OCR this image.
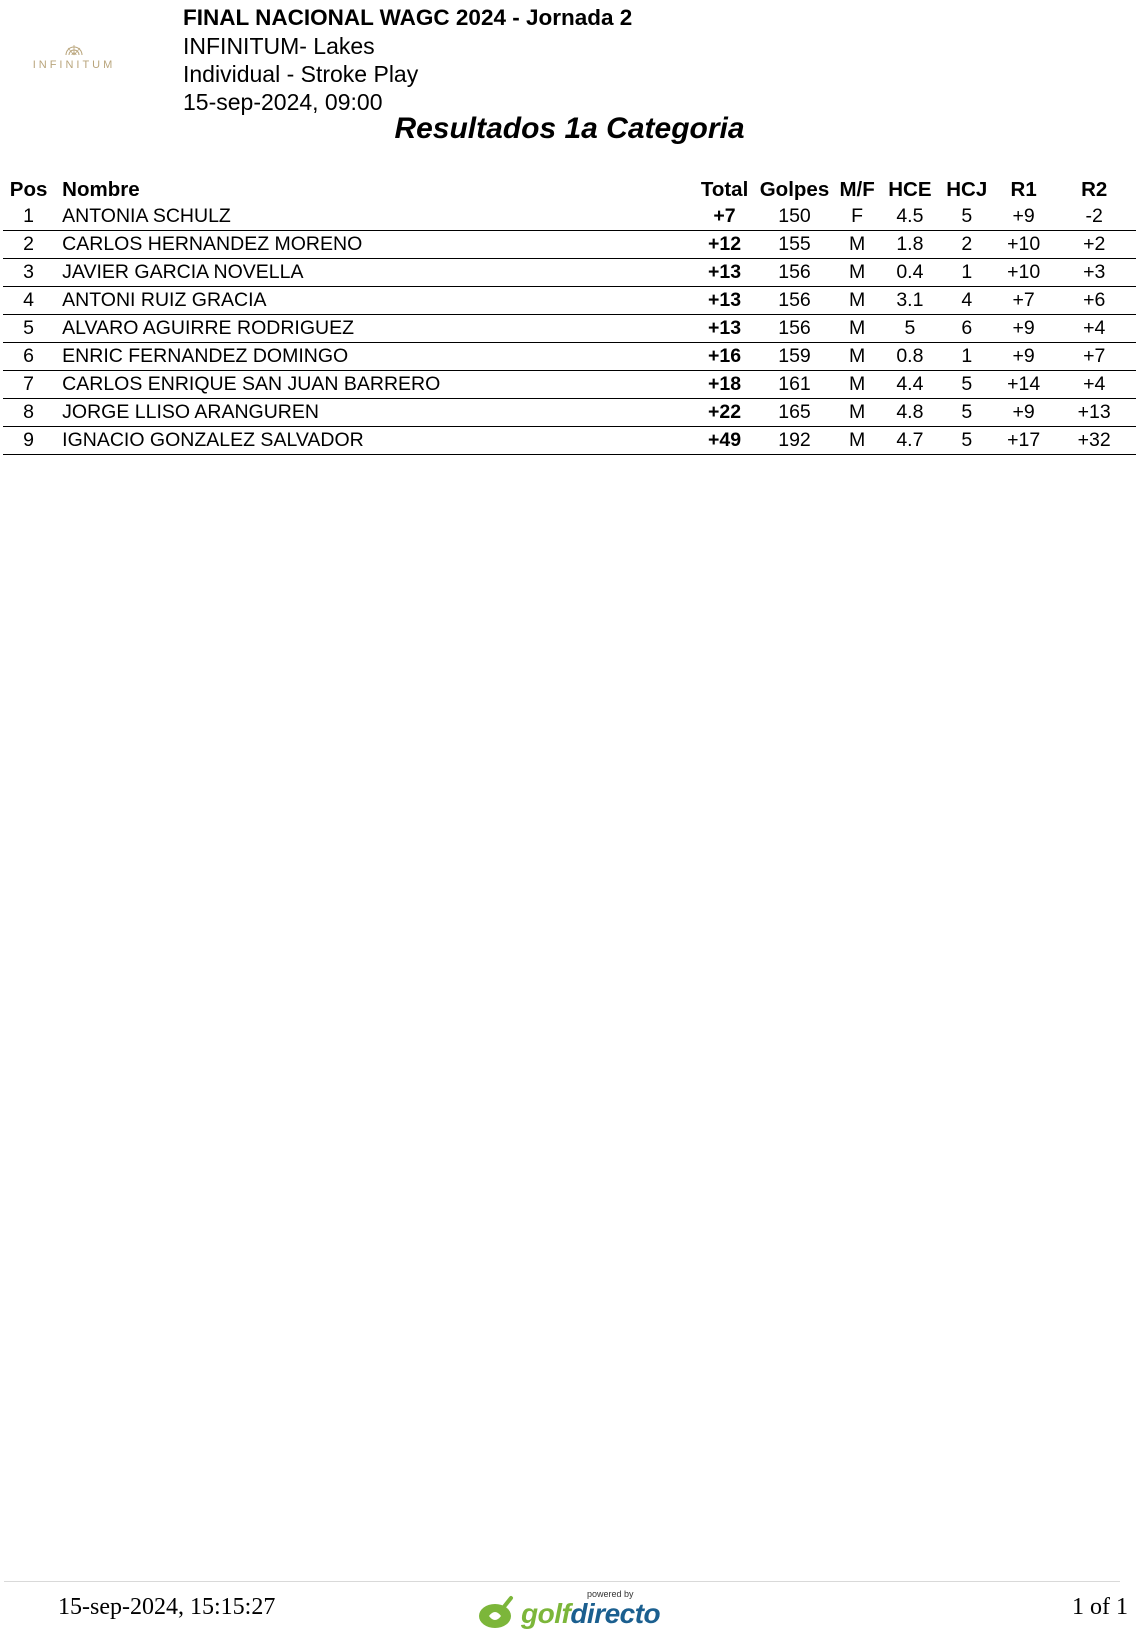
INFINITUM
FINAL NACIONAL WAGC 2024 - Jornada 2
INFINITUM- Lakes
Individual - Stroke Play
15-sep-2024, 09:00
Resultados 1a Categoria
Pos	Nombre	Total	Golpes	M/F	HCE	HCJ	R1	R2
1	ANTONIA SCHULZ	+7	150	F	4.5	5	+9	-2
2	CARLOS HERNANDEZ MORENO	+12	155	M	1.8	2	+10	+2
3	JAVIER GARCIA NOVELLA	+13	156	M	0.4	1	+10	+3
4	ANTONI RUIZ GRACIA	+13	156	M	3.1	4	+7	+6
5	ALVARO AGUIRRE RODRIGUEZ	+13	156	M	5	6	+9	+4
6	ENRIC FERNANDEZ DOMINGO	+16	159	M	0.8	1	+9	+7
7	CARLOS ENRIQUE SAN JUAN BARRERO	+18	161	M	4.4	5	+14	+4
8	JORGE LLISO ARANGUREN	+22	165	M	4.8	5	+9	+13
9	IGNACIO GONZALEZ SALVADOR	+49	192	M	4.7	5	+17	+32
15-sep-2024, 15:15:27	powered by
golfdirecto	1 of 1
